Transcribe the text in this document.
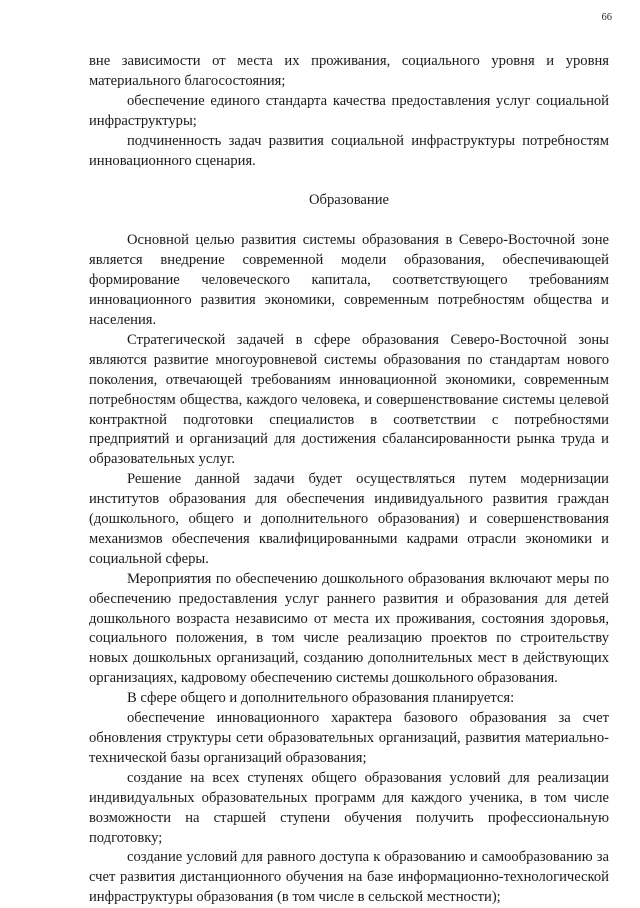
66

вне зависимости от места их проживания, социального уровня и уровня материального благосостояния;

обеспечение единого стандарта качества предоставления услуг социальной инфраструктуры;

подчиненность задач развития социальной инфраструктуры потребностям инновационного сценария.

Образование

Основной целью развития системы образования в Северо-Восточной зоне является внедрение современной модели образования, обеспечивающей формирование человеческого капитала, соответствующего требованиям инновационного развития экономики, современным потребностям общества и населения.

Стратегической задачей в сфере образования Северо-Восточной зоны являются развитие многоуровневой системы образования по стандартам нового поколения, отвечающей требованиям инновационной экономики, современным потребностям общества, каждого человека, и совершенствование системы целевой контрактной подготовки специалистов в соответствии с потребностями предприятий и организаций для достижения сбалансированности рынка труда и образовательных услуг.

Решение данной задачи будет осуществляться путем модернизации институтов образования для обеспечения индивидуального развития граждан (дошкольного, общего и дополнительного образования) и совершенствования механизмов обеспечения квалифицированными кадрами отрасли экономики и социальной сферы.

Мероприятия по обеспечению дошкольного образования включают меры по обеспечению предоставления услуг раннего развития и образования для детей дошкольного возраста независимо от места их проживания, состояния здоровья, социального положения, в том числе реализацию проектов по строительству новых дошкольных организаций, созданию дополнительных мест в действующих организациях, кадровому обеспечению системы дошкольного образования.

В сфере общего и дополнительного образования планируется:

обеспечение инновационного характера базового образования за счет обновления структуры сети образовательных организаций, развития материально-технической базы организаций образования;

создание на всех ступенях общего образования условий для реализации индивидуальных образовательных программ для каждого ученика, в том числе возможности на старшей ступени обучения получить профессиональную подготовку;

создание условий для равного доступа к образованию и самообразованию за счет развития дистанционного обучения на базе информационно-технологической инфраструктуры образования (в том числе в сельской местности);
